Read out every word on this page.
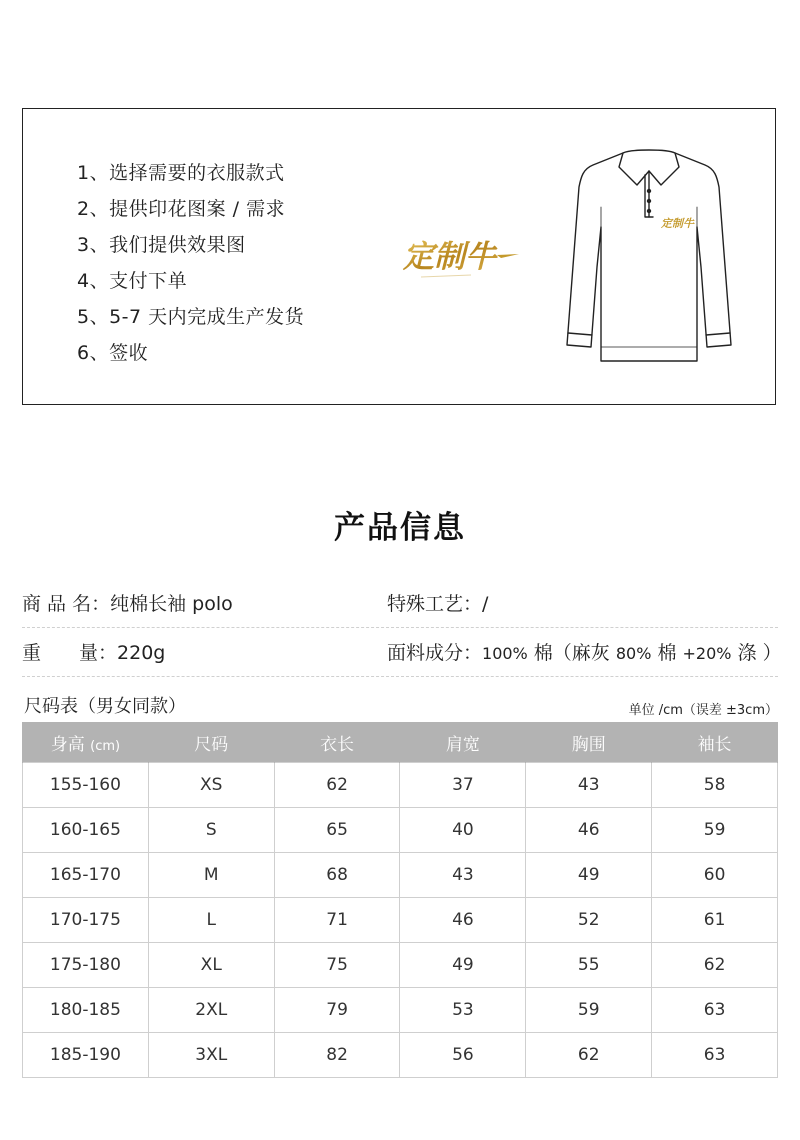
1、选择需要的衣服款式
2、提供印花图案 / 需求
3、我们提供效果图
4、支付下单
5、5-7 天内完成生产发货
6、签收
定制牛
定制牛
产品信息
商 品 名：纯棉长袖 polo	特殊工艺：/
重　　量：220g	面料成分：100% 棉（麻灰 80% 棉 +20% 涤 ）
尺码表（男女同款）	单位 /cm（误差 ±3cm）
身高 (cm)	尺码	衣长	肩宽	胸围	袖长
155-160	XS	62	37	43	58
160-165	S	65	40	46	59
165-170	M	68	43	49	60
170-175	L	71	46	52	61
175-180	XL	75	49	55	62
180-185	2XL	79	53	59	63
185-190	3XL	82	56	62	63
